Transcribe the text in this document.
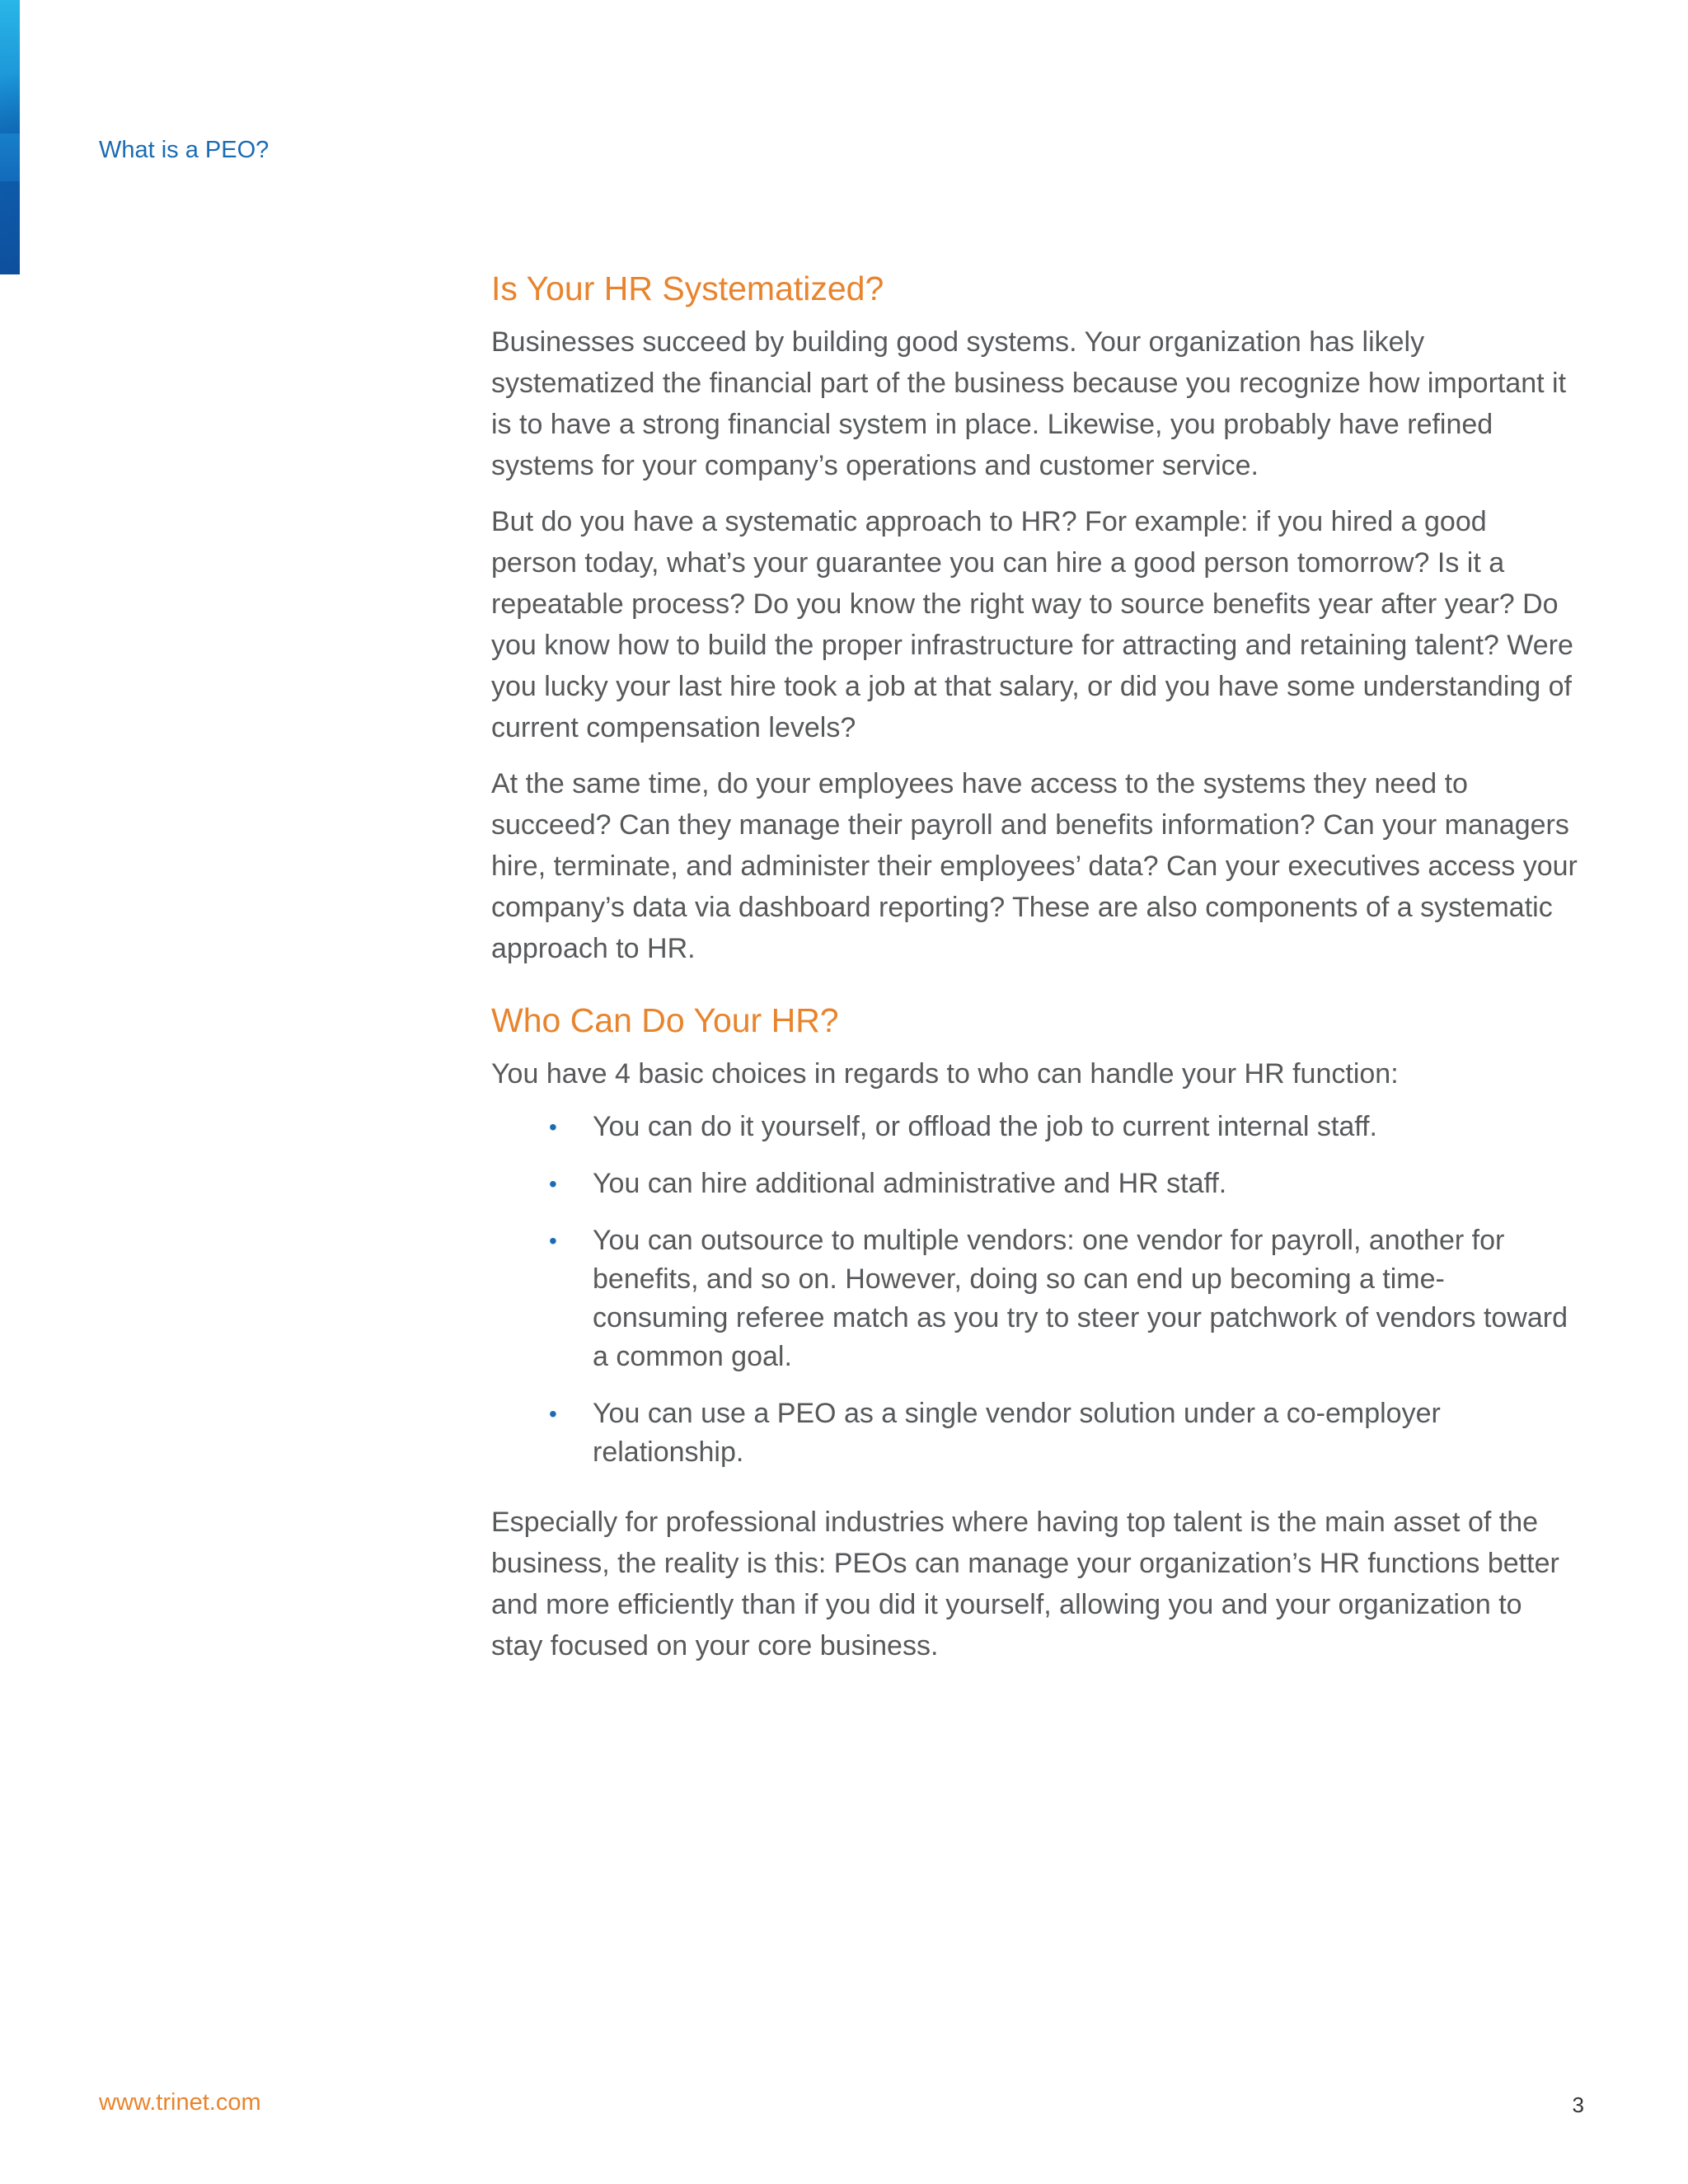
What is a PEO?
Is Your HR Systematized?

Businesses succeed by building good systems. Your organization has likely systematized the financial part of the business because you recognize how important it is to have a strong financial system in place. Likewise, you probably have refined systems for your company’s operations and customer service.

But do you have a systematic approach to HR? For example: if you hired a good person today, what’s your guarantee you can hire a good person tomorrow? Is it a repeatable process? Do you know the right way to source benefits year after year? Do you know how to build the proper infrastructure for attracting and retaining talent? Were you lucky your last hire took a job at that salary, or did you have some understanding of current compensation levels?

At the same time, do your employees have access to the systems they need to succeed? Can they manage their payroll and benefits information? Can your managers hire, terminate, and administer their employees’ data? Can your executives access your company’s data via dashboard reporting? These are also components of a systematic approach to HR.

Who Can Do Your HR?

You have 4 basic choices in regards to who can handle your HR function:

• You can do it yourself, or offload the job to current internal staff.
• You can hire additional administrative and HR staff.
• You can outsource to multiple vendors: one vendor for payroll, another for benefits, and so on. However, doing so can end up becoming a time-consuming referee match as you try to steer your patchwork of vendors toward a common goal.
• You can use a PEO as a single vendor solution under a co-employer relationship.

Especially for professional industries where having top talent is the main asset of the business, the reality is this: PEOs can manage your organization’s HR functions better and more efficiently than if you did it yourself, allowing you and your organization to stay focused on your core business.

www.trinet.com	3
